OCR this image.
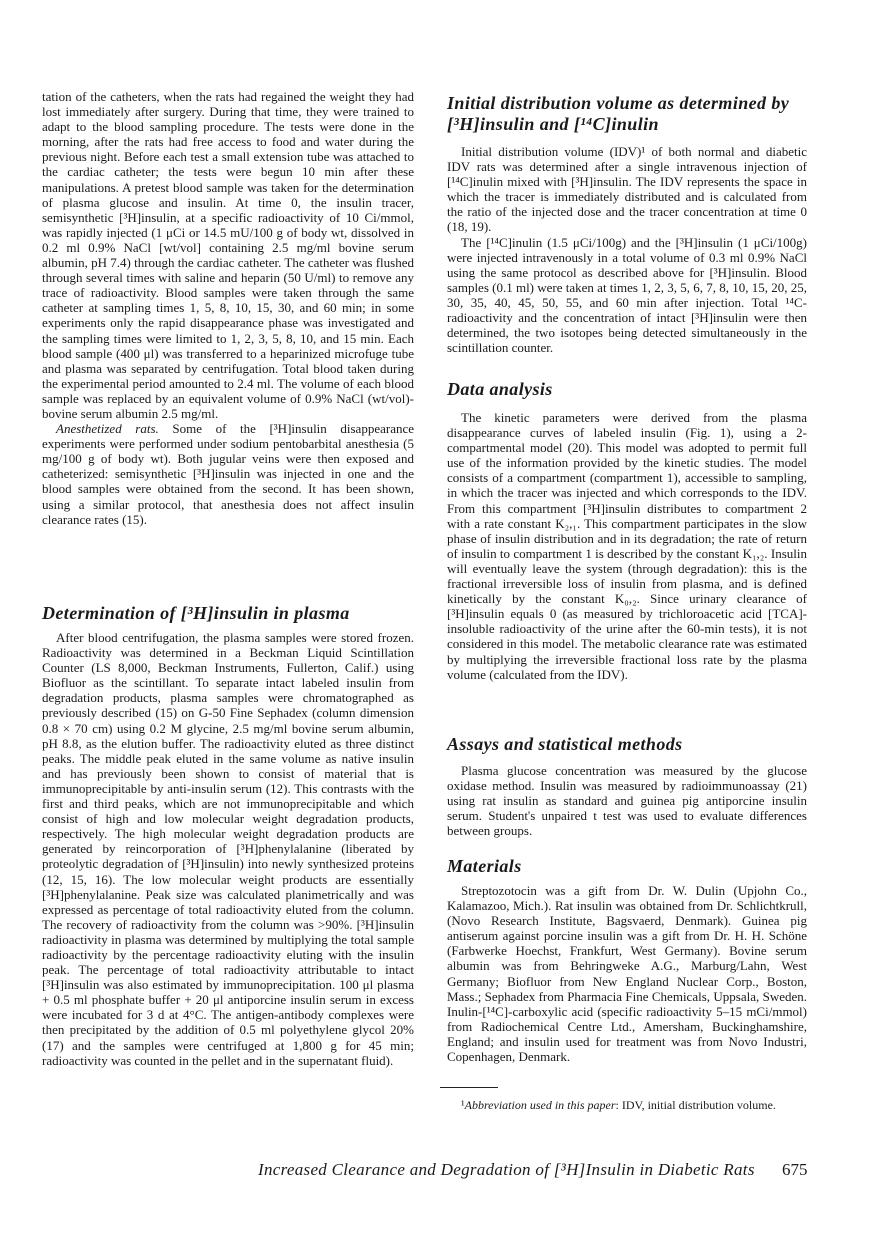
tation of the catheters, when the rats had regained the weight they had lost immediately after surgery. During that time, they were trained to adapt to the blood sampling procedure. The tests were done in the morning, after the rats had free access to food and water during the previous night. Before each test a small extension tube was attached to the cardiac catheter; the tests were begun 10 min after these manipulations. A pretest blood sample was taken for the determination of plasma glucose and insulin. At time 0, the insulin tracer, semisynthetic [³H]insulin, at a specific radioactivity of 10 Ci/mmol, was rapidly injected (1 μCi or 14.5 mU/100 g of body wt, dissolved in 0.2 ml 0.9% NaCl [wt/vol] containing 2.5 mg/ml bovine serum albumin, pH 7.4) through the cardiac catheter. The catheter was flushed through several times with saline and heparin (50 U/ml) to remove any trace of radioactivity. Blood samples were taken through the same catheter at sampling times 1, 5, 8, 10, 15, 30, and 60 min; in some experiments only the rapid disappearance phase was investigated and the sampling times were limited to 1, 2, 3, 5, 8, 10, and 15 min. Each blood sample (400 μl) was transferred to a heparinized microfuge tube and plasma was separated by centrifugation. Total blood taken during the experimental period amounted to 2.4 ml. The volume of each blood sample was replaced by an equivalent volume of 0.9% NaCl (wt/vol)-bovine serum albumin 2.5 mg/ml.

Anesthetized rats. Some of the [³H]insulin disappearance experiments were performed under sodium pentobarbital anesthesia (5 mg/100 g of body wt). Both jugular veins were then exposed and catheterized: semisynthetic [³H]insulin was injected in one and the blood samples were obtained from the second. It has been shown, using a similar protocol, that anesthesia does not affect insulin clearance rates (15).

Determination of [³H]insulin in plasma

After blood centrifugation, the plasma samples were stored frozen. Radioactivity was determined in a Beckman Liquid Scintillation Counter (LS 8,000, Beckman Instruments, Fullerton, Calif.) using Biofluor as the scintillant. To separate intact labeled insulin from degradation products, plasma samples were chromatographed as previously described (15) on G-50 Fine Sephadex (column dimension 0.8 × 70 cm) using 0.2 M glycine, 2.5 mg/ml bovine serum albumin, pH 8.8, as the elution buffer. The radioactivity eluted as three distinct peaks. The middle peak eluted in the same volume as native insulin and has previously been shown to consist of material that is immunoprecipitable by anti-insulin serum (12). This contrasts with the first and third peaks, which are not immunoprecipitable and which consist of high and low molecular weight degradation products, respectively. The high molecular weight degradation products are generated by reincorporation of [³H]phenylalanine (liberated by proteolytic degradation of [³H]insulin) into newly synthesized proteins (12, 15, 16). The low molecular weight products are essentially [³H]phenylalanine. Peak size was calculated planimetrically and was expressed as percentage of total radioactivity eluted from the column. The recovery of radioactivity from the column was >90%. [³H]insulin radioactivity in plasma was determined by multiplying the total sample radioactivity by the percentage radioactivity eluting with the insulin peak. The percentage of total radioactivity attributable to intact [³H]insulin was also estimated by immunoprecipitation. 100 μl plasma + 0.5 ml phosphate buffer + 20 μl antiporcine insulin serum in excess were incubated for 3 d at 4°C. The antigen-antibody complexes were then precipitated by the addition of 0.5 ml polyethylene glycol 20% (17) and the samples were centrifuged at 1,800 g for 45 min; radioactivity was counted in the pellet and in the supernatant fluid).

Initial distribution volume as determined by
[³H]insulin and [¹⁴C]inulin

Initial distribution volume (IDV)¹ of both normal and diabetic IDV rats was determined after a single intravenous injection of [¹⁴C]inulin mixed with [³H]insulin. The IDV represents the space in which the tracer is immediately distributed and is calculated from the ratio of the injected dose and the tracer concentration at time 0 (18, 19).

The [¹⁴C]inulin (1.5 μCi/100g) and the [³H]insulin (1 μCi/100g) were injected intravenously in a total volume of 0.3 ml 0.9% NaCl using the same protocol as described above for [³H]insulin. Blood samples (0.1 ml) were taken at times 1, 2, 3, 5, 6, 7, 8, 10, 15, 20, 25, 30, 35, 40, 45, 50, 55, and 60 min after injection. Total ¹⁴C-radioactivity and the concentration of intact [³H]insulin were then determined, the two isotopes being detected simultaneously in the scintillation counter.

Data analysis

The kinetic parameters were derived from the plasma disappearance curves of labeled insulin (Fig. 1), using a 2-compartmental model (20). This model was adopted to permit full use of the information provided by the kinetic studies. The model consists of a compartment (compartment 1), accessible to sampling, in which the tracer was injected and which corresponds to the IDV. From this compartment [³H]insulin distributes to compartment 2 with a rate constant K₂,₁. This compartment participates in the slow phase of insulin distribution and in its degradation; the rate of return of insulin to compartment 1 is described by the constant K₁,₂. Insulin will eventually leave the system (through degradation): this is the fractional irreversible loss of insulin from plasma, and is defined kinetically by the constant K₀,₂. Since urinary clearance of [³H]insulin equals 0 (as measured by trichloroacetic acid [TCA]-insoluble radioactivity of the urine after the 60-min tests), it is not considered in this model. The metabolic clearance rate was estimated by multiplying the irreversible fractional loss rate by the plasma volume (calculated from the IDV).

Assays and statistical methods

Plasma glucose concentration was measured by the glucose oxidase method. Insulin was measured by radioimmunoassay (21) using rat insulin as standard and guinea pig antiporcine insulin serum. Student's unpaired t test was used to evaluate differences between groups.

Materials

Streptozotocin was a gift from Dr. W. Dulin (Upjohn Co., Kalamazoo, Mich.). Rat insulin was obtained from Dr. Schlichtkrull, (Novo Research Institute, Bagsvaerd, Denmark). Guinea pig antiserum against porcine insulin was a gift from Dr. H. H. Schöne (Farbwerke Hoechst, Frankfurt, West Germany). Bovine serum albumin was from Behringweke A.G., Marburg/Lahn, West Germany; Biofluor from New England Nuclear Corp., Boston, Mass.; Sephadex from Pharmacia Fine Chemicals, Uppsala, Sweden. Inulin-[¹⁴C]-carboxylic acid (specific radioactivity 5–15 mCi/mmol) from Radiochemical Centre Ltd., Amersham, Buckinghamshire, England; and insulin used for treatment was from Novo Industri, Copenhagen, Denmark.

¹Abbreviation used in this paper: IDV, initial distribution volume.
Increased Clearance and Degradation of [³H]Insulin in Diabetic Rats 675
